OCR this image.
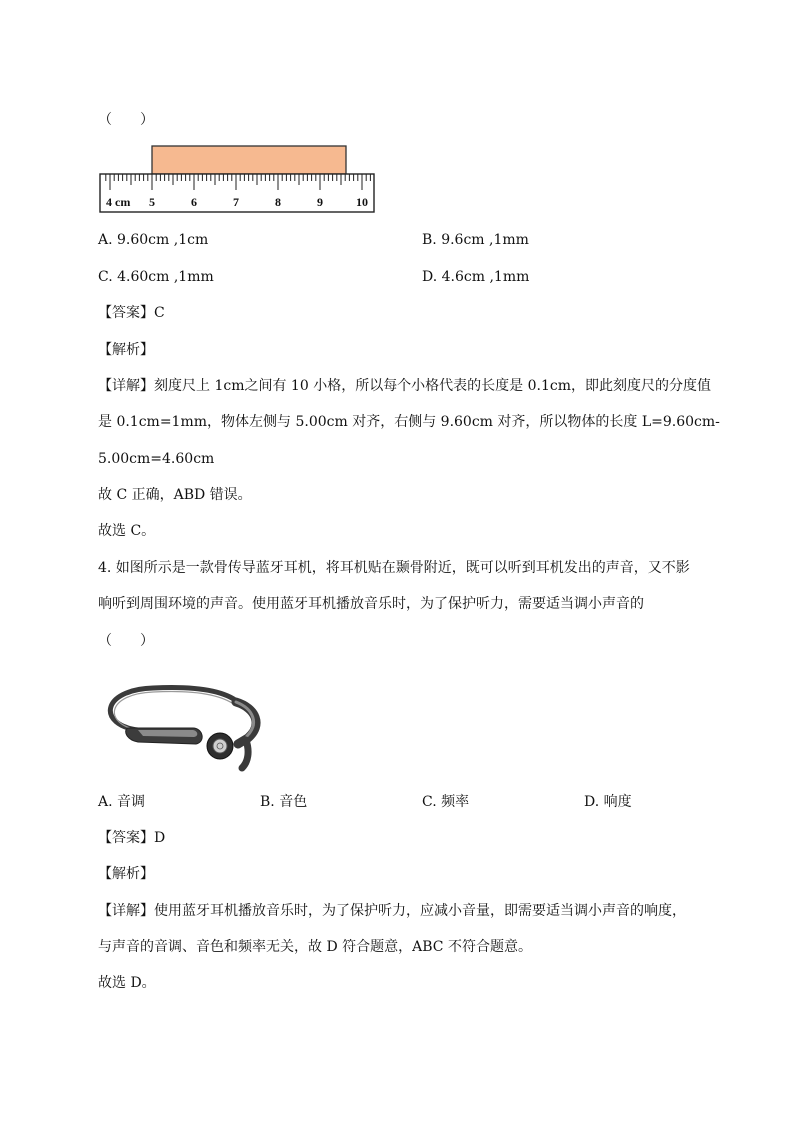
（　　）
4 cm 5	6	7	8	9	10
A. 9.60cm ,1cm	B. 9.6cm ,1mm
C. 4.60cm ,1mm	D. 4.6cm ,1mm
【答案】C
【解析】
【详解】刻度尺上 1cm之间有 10 小格，所以每个小格代表的长度是 0.1cm，即此刻度尺的分度值
是 0.1cm=1mm，物体左侧与 5.00cm 对齐，右侧与 9.60cm 对齐，所以物体的长度 L=9.60cm-
5.00cm=4.60cm
故 C 正确，ABD 错误。
故选 C。
4. 如图所示是一款骨传导蓝牙耳机，将耳机贴在颞骨附近，既可以听到耳机发出的声音，又不影
响听到周围环境的声音。使用蓝牙耳机播放音乐时，为了保护听力，需要适当调小声音的
（　　）
A. 音调	B. 音色	C. 频率	D. 响度
【答案】D
【解析】
【详解】使用蓝牙耳机播放音乐时，为了保护听力，应减小音量，即需要适当调小声音的响度，
与声音的音调、音色和频率无关，故 D 符合题意，ABC 不符合题意。
故选 D。
